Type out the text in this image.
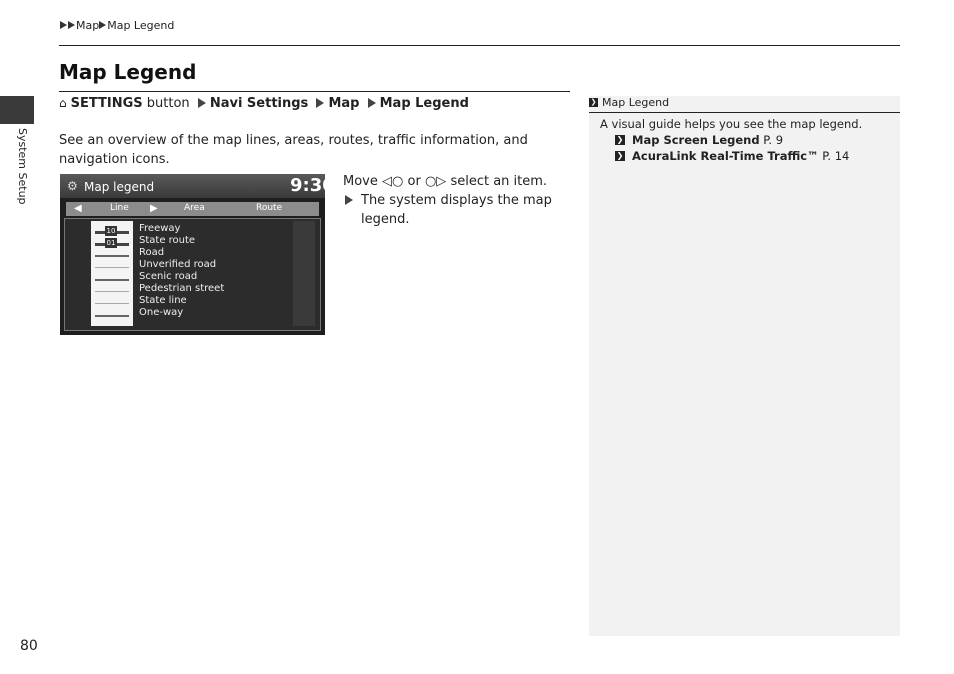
Map Map Legend
System Setup
Map Legend
⌂ SETTINGS button Navi Settings Map Map Legend
See an overview of the map lines, areas, routes, traffic information, and navigation icons.
⚙ Map legend	9:30
◀	Line ▶	Area	Route
10
01
Freeway
State route
Road
Unverified road
Scenic road
Pedestrian street
State line
One-way
Move ◁○ or ○▷ select an item.
The system displays the map legend.
❯ Map Legend
A visual guide helps you see the map legend.
❯ Map Screen Legend P. 9
❯ AcuraLink Real-Time Traffic™ P. 14
80
